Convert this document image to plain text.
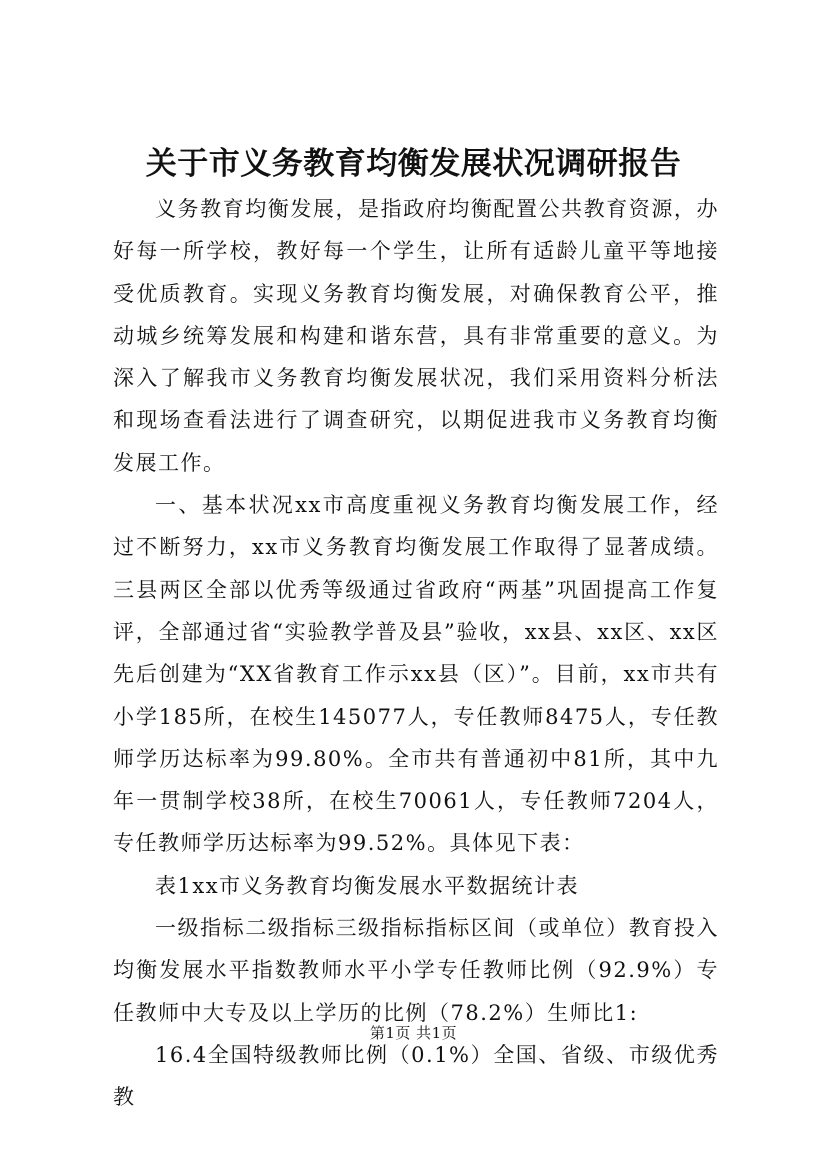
关于市义务教育均衡发展状况调研报告

义务教育均衡发展，是指政府均衡配置公共教育资源，办好每一所学校，教好每一个学生，让所有适龄儿童平等地接受优质教育。实现义务教育均衡发展，对确保教育公平，推动城乡统筹发展和构建和谐东营，具有非常重要的意义。为深入了解我市义务教育均衡发展状况，我们采用资料分析法和现场查看法进行了调查研究，以期促进我市义务教育均衡发展工作。

一、基本状况xx市高度重视义务教育均衡发展工作，经过不断努力，xx市义务教育均衡发展工作取得了显著成绩。三县两区全部以优秀等级通过省政府“两基”巩固提高工作复评，全部通过省“实验教学普及县”验收，xx县、xx区、xx区先后创建为“XX省教育工作示xx县（区）”。目前，xx市共有小学185所，在校生145077人，专任教师8475人，专任教师学历达标率为99.80%。全市共有普通初中81所，其中九年一贯制学校38所，在校生70061人，专任教师7204人，专任教师学历达标率为99.52%。具体见下表：

表1xx市义务教育均衡发展水平数据统计表

一级指标二级指标三级指标指标区间（或单位）教育投入均衡发展水平指数教师水平小学专任教师比例（92.9%）专任教师中大专及以上学历的比例（78.2%）生师比1:

16.4全国特级教师比例（0.1%）全国、省级、市级优秀教

第1页 共1页
